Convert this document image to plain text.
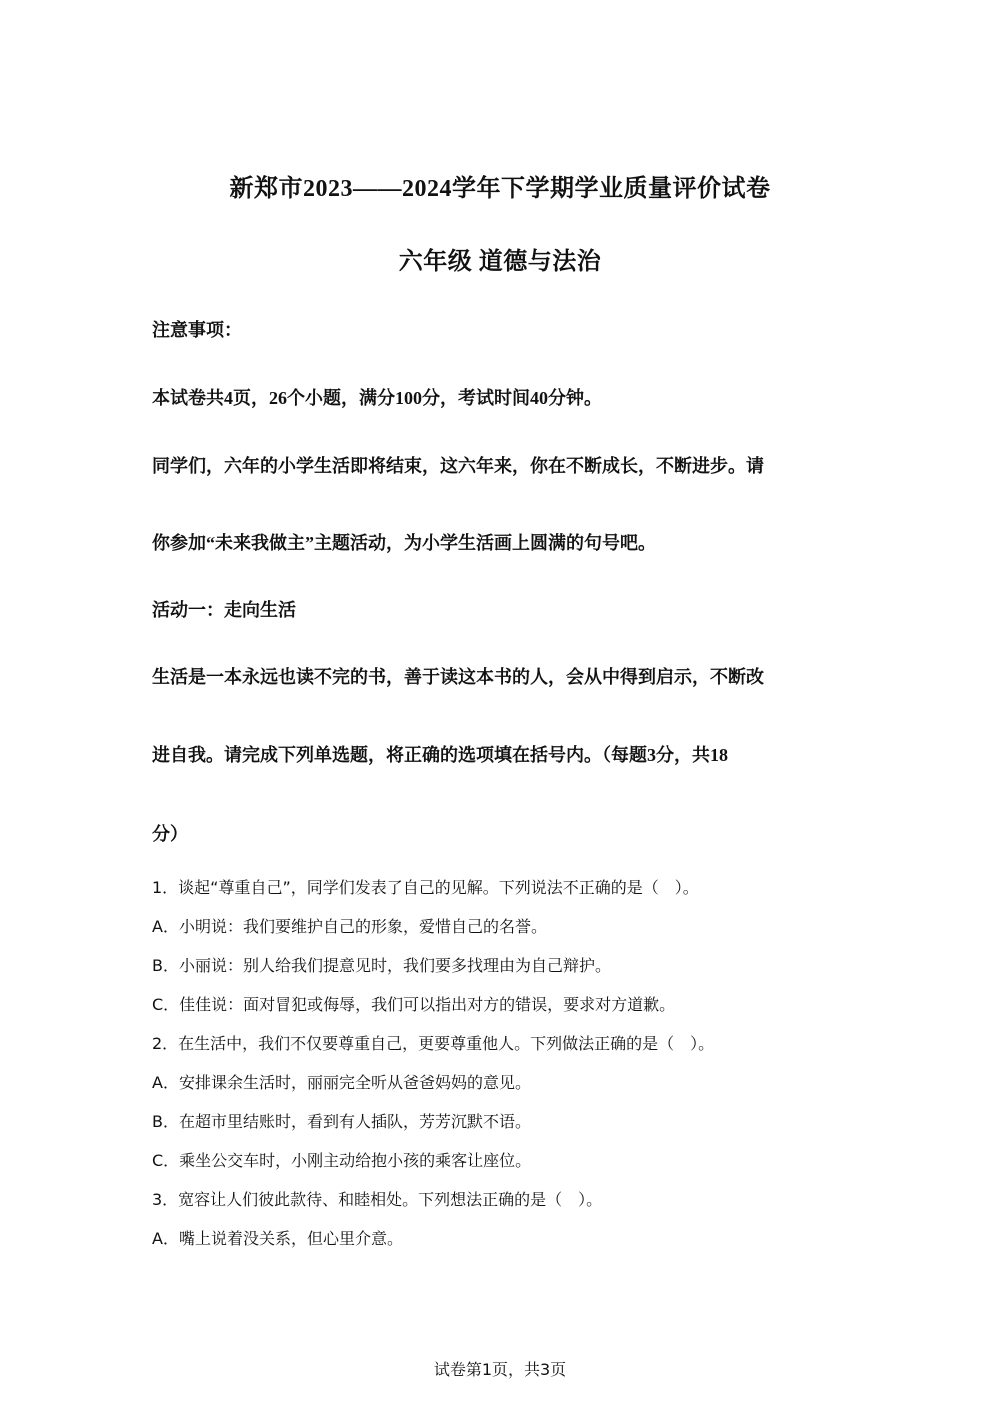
新郑市2023——2024学年下学期学业质量评价试卷
六年级 道德与法治
注意事项：
本试卷共4页，26个小题，满分100分，考试时间40分钟。
同学们，六年的小学生活即将结束，这六年来，你在不断成长，不断进步。请
你参加“未来我做主”主题活动，为小学生活画上圆满的句号吧。
活动一：走向生活
生活是一本永远也读不完的书，善于读这本书的人，会从中得到启示，不断改
进自我。请完成下列单选题，将正确的选项填在括号内。（每题3分，共18
分）
1．谈起“尊重自己”，同学们发表了自己的见解。下列说法不正确的是（　）。
A．小明说：我们要维护自己的形象，爱惜自己的名誉。
B．小丽说：别人给我们提意见时，我们要多找理由为自己辩护。
C．佳佳说：面对冒犯或侮辱，我们可以指出对方的错误，要求对方道歉。
2．在生活中，我们不仅要尊重自己，更要尊重他人。下列做法正确的是（　）。
A．安排课余生活时，丽丽完全听从爸爸妈妈的意见。
B．在超市里结账时，看到有人插队，芳芳沉默不语。
C．乘坐公交车时，小刚主动给抱小孩的乘客让座位。
3．宽容让人们彼此款待、和睦相处。下列想法正确的是（　）。
A．嘴上说着没关系，但心里介意。
试卷第1页，共3页
